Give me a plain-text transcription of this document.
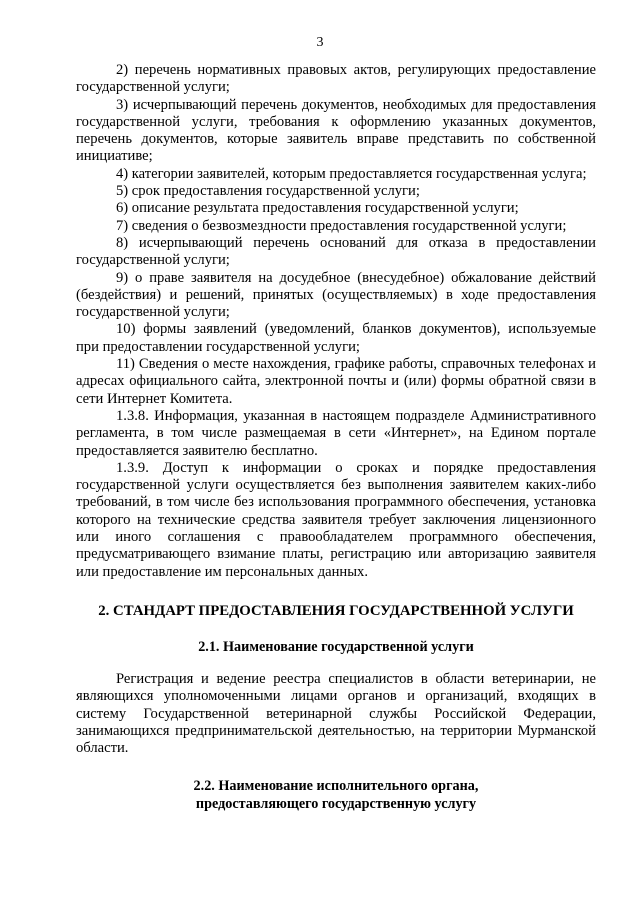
3

2) перечень нормативных правовых актов, регулирующих предоставление государственной услуги;

3) исчерпывающий перечень документов, необходимых для предоставления государственной услуги, требования к оформлению указанных документов, перечень документов, которые заявитель вправе представить по собственной инициативе;

4) категории заявителей, которым предоставляется государственная услуга;

5) срок предоставления государственной услуги;

6) описание результата предоставления государственной услуги;

7) сведения о безвозмездности предоставления государственной услуги;

8) исчерпывающий перечень оснований для отказа в предоставлении государственной услуги;

9) о праве заявителя на досудебное (внесудебное) обжалование действий (бездействия) и решений, принятых (осуществляемых) в ходе предоставления государственной услуги;

10) формы заявлений (уведомлений, бланков документов), используемые при предоставлении государственной услуги;

11) Сведения о месте нахождения, графике работы, справочных телефонах и адресах официального сайта, электронной почты и (или) формы обратной связи в сети Интернет Комитета.

1.3.8. Информация, указанная в настоящем подразделе Административного регламента, в том числе размещаемая в сети «Интернет», на Едином портале предоставляется заявителю бесплатно.

1.3.9. Доступ к информации о сроках и порядке предоставления государственной услуги осуществляется без выполнения заявителем каких-либо требований, в том числе без использования программного обеспечения, установка которого на технические средства заявителя требует заключения лицензионного или иного соглашения с правообладателем программного обеспечения, предусматривающего взимание платы, регистрацию или авторизацию заявителя или предоставление им персональных данных.

2. СТАНДАРТ ПРЕДОСТАВЛЕНИЯ ГОСУДАРСТВЕННОЙ УСЛУГИ
2.1. Наименование государственной услуги

Регистрация и ведение реестра специалистов в области ветеринарии, не являющихся уполномоченными лицами органов и организаций, входящих в систему Государственной ветеринарной службы Российской Федерации, занимающихся предпринимательской деятельностью, на территории Мурманской области.

2.2. Наименование исполнительного органа,
предоставляющего государственную услугу
